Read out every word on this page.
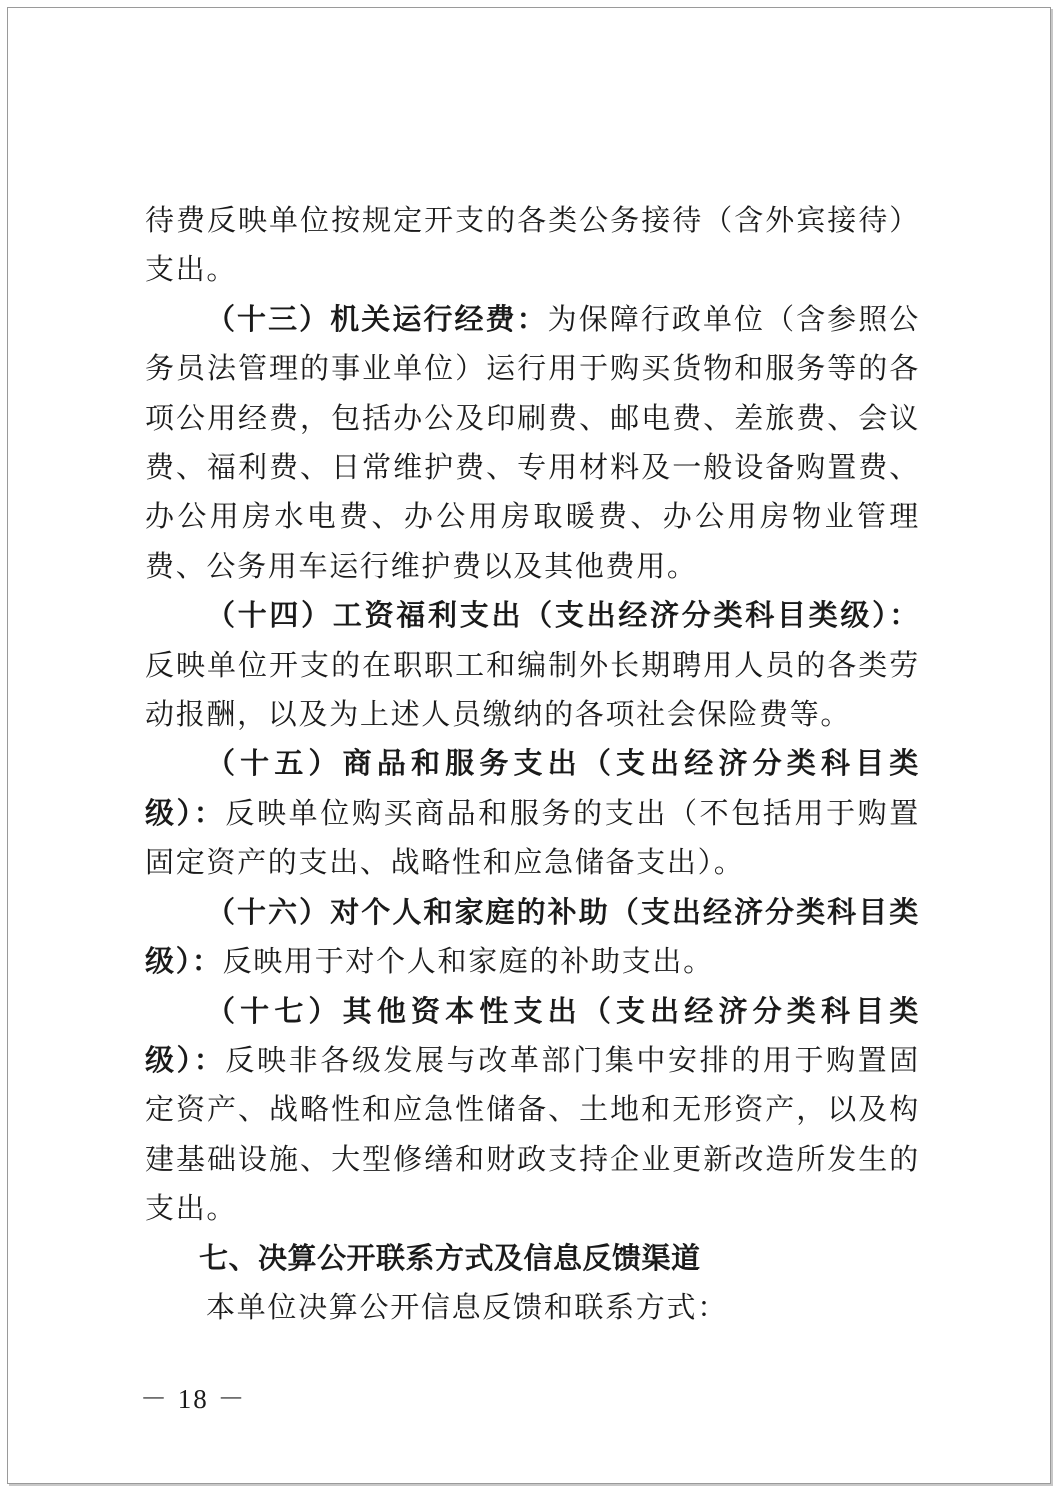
待费反映单位按规定开支的各类公务接待（含外宾接待）支出。

（十三）机关运行经费：为保障行政单位（含参照公务员法管理的事业单位）运行用于购买货物和服务等的各项公用经费，包括办公及印刷费、邮电费、差旅费、会议费、福利费、日常维护费、专用材料及一般设备购置费、办公用房水电费、办公用房取暖费、办公用房物业管理费、公务用车运行维护费以及其他费用。

（十四）工资福利支出（支出经济分类科目类级）：反映单位开支的在职职工和编制外长期聘用人员的各类劳动报酬，以及为上述人员缴纳的各项社会保险费等。

（十五）商品和服务支出（支出经济分类科目类级）：反映单位购买商品和服务的支出（不包括用于购置固定资产的支出、战略性和应急储备支出）。

（十六）对个人和家庭的补助（支出经济分类科目类级）：反映用于对个人和家庭的补助支出。

（十七）其他资本性支出（支出经济分类科目类级）：反映非各级发展与改革部门集中安排的用于购置固定资产、战略性和应急性储备、土地和无形资产，以及构建基础设施、大型修缮和财政支持企业更新改造所发生的支出。

七、决算公开联系方式及信息反馈渠道

本单位决算公开信息反馈和联系方式：

－ 18 －
